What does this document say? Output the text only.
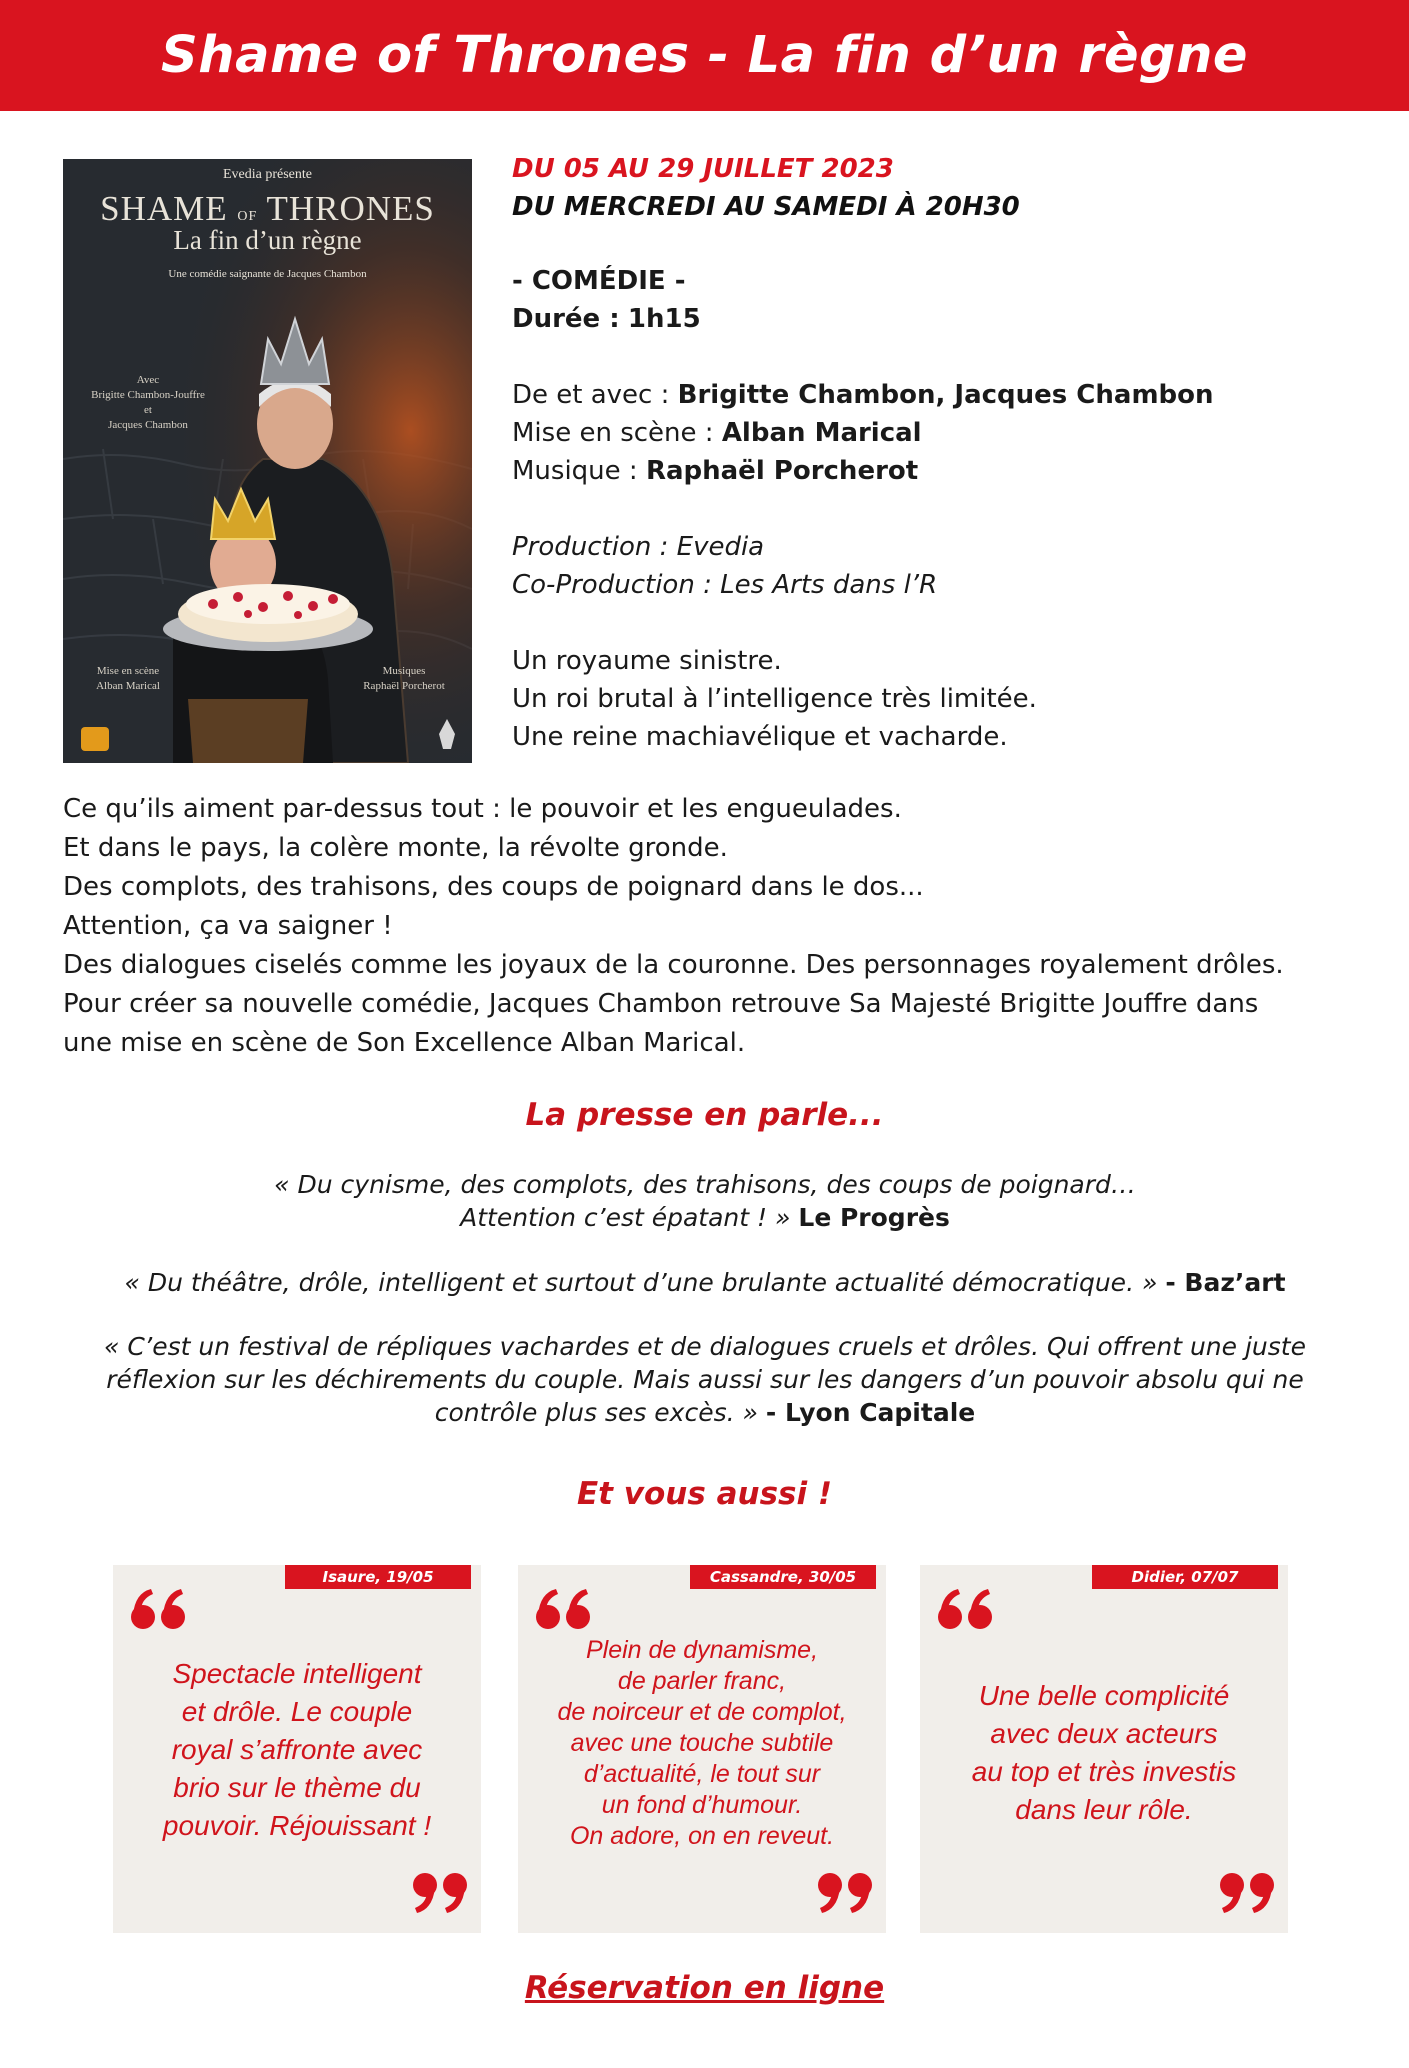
Shame of Thrones - La fin d’un règne
Evedia présente
SHAME OF THRONES
La fin d’un règne
Une comédie saignante de Jacques Chambon
Avec
Brigitte Chambon-Jouffre
et
Jacques Chambon
Mise en scène
Alban Marical
Musiques
Raphaël Porcherot

DU 05 AU 29 JUILLET 2023

DU MERCREDI AU SAMEDI À 20H30

- COMÉDIE -

Durée : 1h15

De et avec : Brigitte Chambon, Jacques Chambon

Mise en scène : Alban Marical

Musique : Raphaël Porcherot

Production : Evedia

Co-Production : Les Arts dans l’R

Un royaume sinistre.

Un roi brutal à l’intelligence très limitée.

Une reine machiavélique et vacharde.

Ce qu’ils aiment par-dessus tout : le pouvoir et les engueulades.

Et dans le pays, la colère monte, la révolte gronde.

Des complots, des trahisons, des coups de poignard dans le dos...

Attention, ça va saigner !

Des dialogues ciselés comme les joyaux de la couronne. Des personnages royalement drôles.

Pour créer sa nouvelle comédie, Jacques Chambon retrouve Sa Majesté Brigitte Jouffre dans

une mise en scène de Son Excellence Alban Marical.

La presse en parle...

« Du cynisme, des complots, des trahisons, des coups de poignard…

Attention c’est épatant ! » Le Progrès

« Du théâtre, drôle, intelligent et surtout d’une brulante actualité démocratique. » - Baz’art

« C’est un festival de répliques vachardes et de dialogues cruels et drôles. Qui offrent une juste

réflexion sur les déchirements du couple. Mais aussi sur les dangers d’un pouvoir absolu qui ne

contrôle plus ses excès. » - Lyon Capitale

Et vous aussi !
Isaure, 19/05
Spectacle intelligent
et drôle. Le couple
royal s’affronte avec
brio sur le thème du
pouvoir. Réjouissant !
Cassandre, 30/05
Plein de dynamisme,
de parler franc,
de noirceur et de complot,
avec une touche subtile
d’actualité, le tout sur
un fond d’humour.
On adore, on en reveut.
Didier, 07/07
Une belle complicité
avec deux acteurs
au top et très investis
dans leur rôle.
Réservation en ligne
